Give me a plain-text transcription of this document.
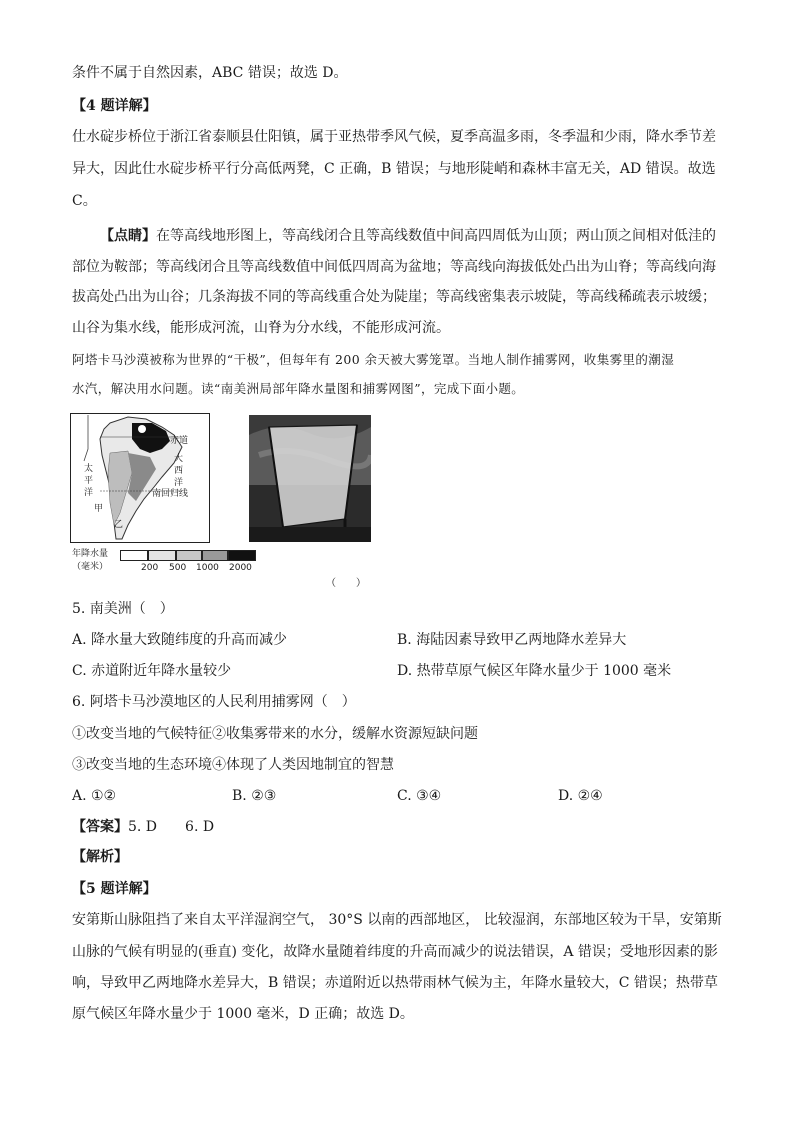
条件不属于自然因素，ABC 错误；故选 D。
【4 题详解】
仕水碇步桥位于浙江省泰顺县仕阳镇，属于亚热带季风气候，夏季高温多雨，冬季温和少雨，降水季节差
异大，因此仕水碇步桥平行分高低两凳，C 正确，B 错误；与地形陡峭和森林丰富无关，AD 错误。故选
C。
【点睛】在等高线地形图上，等高线闭合且等高线数值中间高四周低为山顶；两山顶之间相对低洼的
部位为鞍部；等高线闭合且等高线数值中间低四周高为盆地；等高线向海拔低处凸出为山脊；等高线向海
拔高处凸出为山谷；几条海拔不同的等高线重合处为陡崖；等高线密集表示坡陡，等高线稀疏表示坡缓；
山谷为集水线，能形成河流，山脊为分水线，不能形成河流。
阿塔卡马沙漠被称为世界的“干极”，但每年有 200 余天被大雾笼罩。当地人制作捕雾网，收集雾里的潮湿
水汽，解决用水问题。读“南美洲局部年降水量图和捕雾网图”，完成下面小题。
赤道
大
西
洋
太
平
洋	南回归线
甲
乙
年降水量
（毫米）	200 500 1000 2000
（　　）
5. 南美洲（　）
A. 降水量大致随纬度的升高而减少	B. 海陆因素导致甲乙两地降水差异大
C. 赤道附近年降水量较少	D. 热带草原气候区年降水量少于 1000 毫米
6. 阿塔卡马沙漠地区的人民利用捕雾网（　）
①改变当地的气候特征②收集雾带来的水分，缓解水资源短缺问题
③改变当地的生态环境④体现了人类因地制宜的智慧
A. ①②	B. ②③	C. ③④	D. ②④
【答案】5. D　　6. D
【解析】
【5 题详解】
安第斯山脉阻挡了来自太平洋湿润空气， 30°S 以南的西部地区， 比较湿润，东部地区较为干旱，安第斯
山脉的气候有明显的(垂直) 变化，故降水量随着纬度的升高而减少的说法错误，A 错误；受地形因素的影
响，导致甲乙两地降水差异大，B 错误；赤道附近以热带雨林气候为主，年降水量较大，C 错误；热带草
原气候区年降水量少于 1000 毫米，D 正确；故选 D。
